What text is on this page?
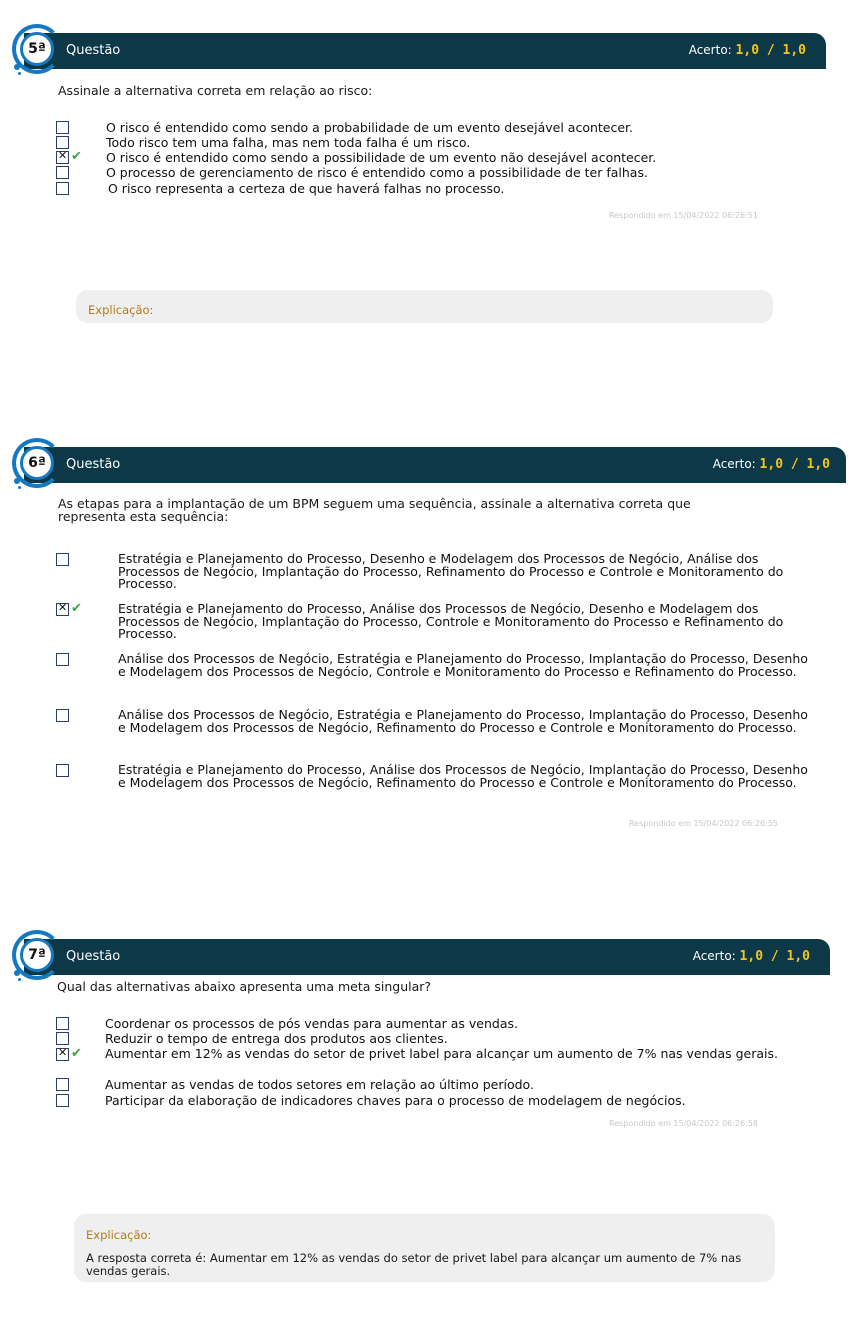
Questão	Acerto: 1,0 / 1,0
5ª
Assinale a alternativa correta em relação ao risco:
O risco é entendido como sendo a probabilidade de um evento desejável acontecer.
Todo risco tem uma falha, mas nem toda falha é um risco.
✕
✔ O risco é entendido como sendo a possibilidade de um evento não desejável acontecer.
O processo de gerenciamento de risco é entendido como a possibilidade de ter falhas.
O risco representa a certeza de que haverá falhas no processo.
Respondido em 15/04/2022 06:26:51
Explicação:
Questão	Acerto: 1,0 / 1,0
6ª
As etapas para a implantação de um BPM seguem uma sequência, assinale a alternativa correta que representa esta sequência:
Estratégia e Planejamento do Processo, Desenho e Modelagem dos Processos de Negócio, Análise dos Processos de Negócio, Implantação do Processo, Refinamento do Processo e Controle e Monitoramento do Processo.
✕
✔	Estratégia e Planejamento do Processo, Análise dos Processos de Negócio, Desenho e Modelagem dos Processos de Negócio, Implantação do Processo, Controle e Monitoramento do Processo e Refinamento do Processo.
Análise dos Processos de Negócio, Estratégia e Planejamento do Processo, Implantação do Processo, Desenho e Modelagem dos Processos de Negócio, Controle e Monitoramento do Processo e Refinamento do Processo.
Análise dos Processos de Negócio, Estratégia e Planejamento do Processo, Implantação do Processo, Desenho e Modelagem dos Processos de Negócio, Refinamento do Processo e Controle e Monitoramento do Processo.
Estratégia e Planejamento do Processo, Análise dos Processos de Negócio, Implantação do Processo, Desenho e Modelagem dos Processos de Negócio, Refinamento do Processo e Controle e Monitoramento do Processo.
Respondido em 15/04/2022 06:26:55
Questão	Acerto: 1,0 / 1,0
7ª
Qual das alternativas abaixo apresenta uma meta singular?
Coordenar os processos de pós vendas para aumentar as vendas.
Reduzir o tempo de entrega dos produtos aos clientes.
✕
✔ Aumentar em 12% as vendas do setor de privet label para alcançar um aumento de 7% nas vendas gerais.
Aumentar as vendas de todos setores em relação ao último período.
Participar da elaboração de indicadores chaves para o processo de modelagem de negócios.
Respondido em 15/04/2022 06:26:58
Explicação:
A resposta correta é: Aumentar em 12% as vendas do setor de privet label para alcançar um aumento de 7% nas vendas gerais.
